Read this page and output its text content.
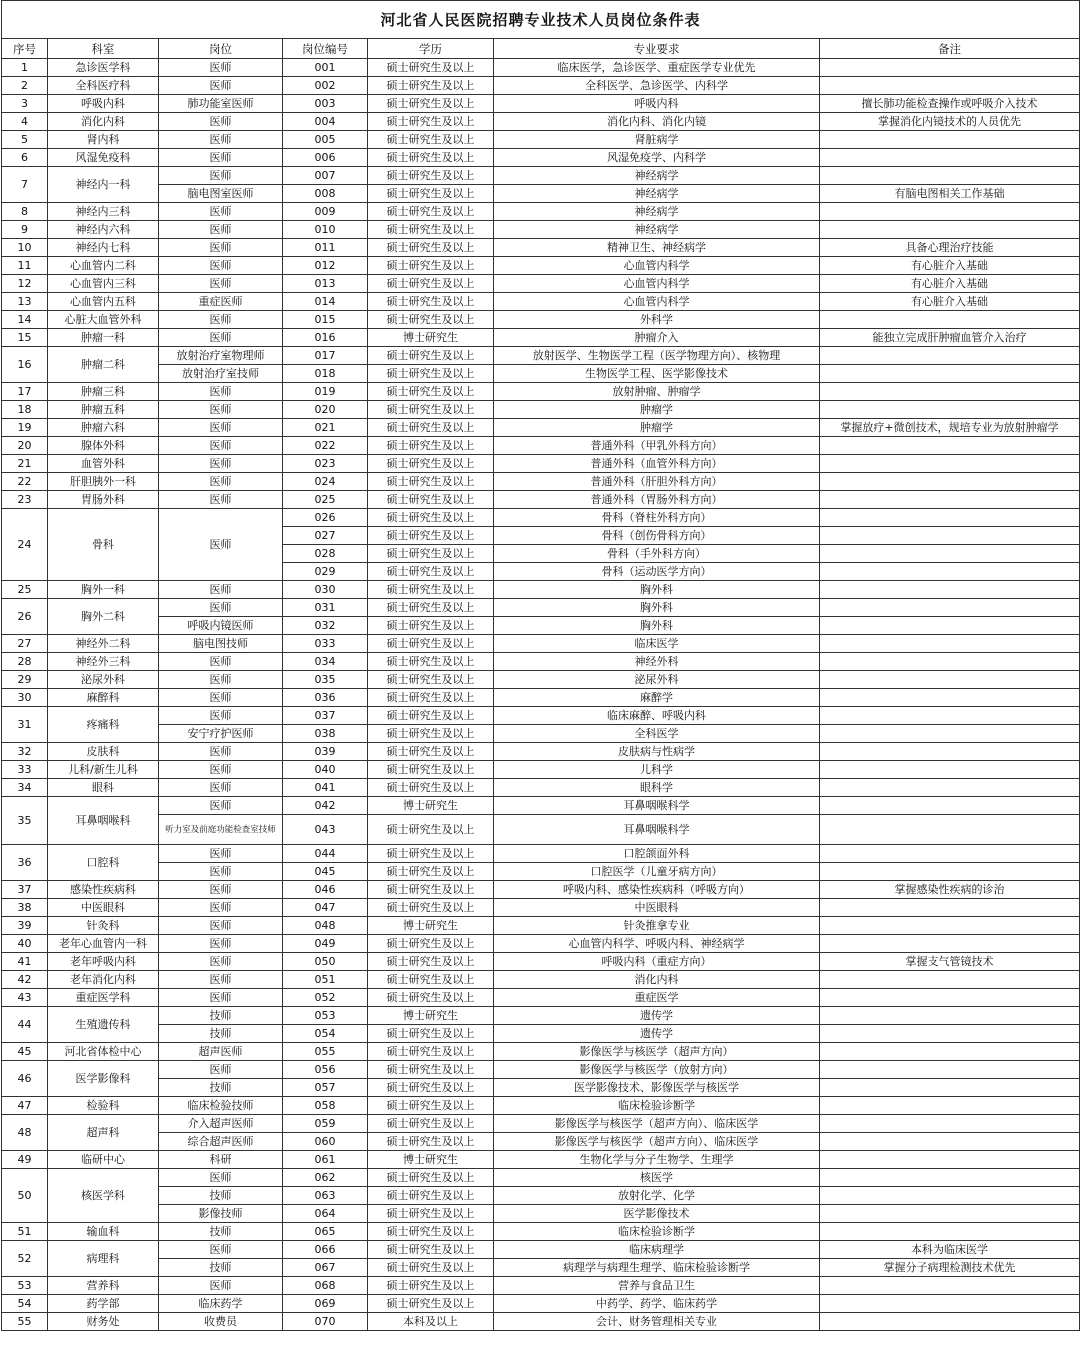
河北省人民医院招聘专业技术人员岗位条件表						
序号	科室	岗位	岗位编号	学历	专业要求	备注
1	急诊医学科	医师	001	硕士研究生及以上	临床医学，急诊医学、重症医学专业优先	
2	全科医疗科	医师	002	硕士研究生及以上	全科医学、急诊医学、内科学	
3	呼吸内科	肺功能室医师	003	硕士研究生及以上	呼吸内科	擅长肺功能检查操作或呼吸介入技术
4	消化内科	医师	004	硕士研究生及以上	消化内科、消化内镜	掌握消化内镜技术的人员优先
5	肾内科	医师	005	硕士研究生及以上	肾脏病学	
6	风湿免疫科	医师	006	硕士研究生及以上	风湿免疫学、内科学	
7	神经内一科	医师	007	硕士研究生及以上	神经病学	
		脑电图室医师	008	硕士研究生及以上	神经病学	有脑电图相关工作基础
8	神经内三科	医师	009	硕士研究生及以上	神经病学	
9	神经内六科	医师	010	硕士研究生及以上	神经病学	
10	神经内七科	医师	011	硕士研究生及以上	精神卫生、神经病学	具备心理治疗技能
11	心血管内二科	医师	012	硕士研究生及以上	心血管内科学	有心脏介入基础
12	心血管内三科	医师	013	硕士研究生及以上	心血管内科学	有心脏介入基础
13	心血管内五科	重症医师	014	硕士研究生及以上	心血管内科学	有心脏介入基础
14	心脏大血管外科	医师	015	硕士研究生及以上	外科学	
15	肿瘤一科	医师	016	博士研究生	肿瘤介入	能独立完成肝肿瘤血管介入治疗
16	肿瘤二科	放射治疗室物理师	017	硕士研究生及以上	放射医学、生物医学工程（医学物理方向）、核物理	
		放射治疗室技师	018	硕士研究生及以上	生物医学工程、医学影像技术	
17	肿瘤三科	医师	019	硕士研究生及以上	放射肿瘤、肿瘤学	
18	肿瘤五科	医师	020	硕士研究生及以上	肿瘤学	
19	肿瘤六科	医师	021	硕士研究生及以上	肿瘤学	掌握放疗+微创技术，规培专业为放射肿瘤学
20	腺体外科	医师	022	硕士研究生及以上	普通外科（甲乳外科方向）	
21	血管外科	医师	023	硕士研究生及以上	普通外科（血管外科方向）	
22	肝胆胰外一科	医师	024	硕士研究生及以上	普通外科（肝胆外科方向）	
23	胃肠外科	医师	025	硕士研究生及以上	普通外科（胃肠外科方向）	
24	骨科	医师	026	硕士研究生及以上	骨科（脊柱外科方向）	
			027	硕士研究生及以上	骨科（创伤骨科方向）	
			028	硕士研究生及以上	骨科（手外科方向）	
			029	硕士研究生及以上	骨科（运动医学方向）	
25	胸外一科	医师	030	硕士研究生及以上	胸外科	
26	胸外二科	医师	031	硕士研究生及以上	胸外科	
		呼吸内镜医师	032	硕士研究生及以上	胸外科	
27	神经外二科	脑电图技师	033	硕士研究生及以上	临床医学	
28	神经外三科	医师	034	硕士研究生及以上	神经外科	
29	泌尿外科	医师	035	硕士研究生及以上	泌尿外科	
30	麻醉科	医师	036	硕士研究生及以上	麻醉学	
31	疼痛科	医师	037	硕士研究生及以上	临床麻醉、呼吸内科	
		安宁疗护医师	038	硕士研究生及以上	全科医学	
32	皮肤科	医师	039	硕士研究生及以上	皮肤病与性病学	
33	儿科/新生儿科	医师	040	硕士研究生及以上	儿科学	
34	眼科	医师	041	硕士研究生及以上	眼科学	
35	耳鼻咽喉科	医师	042	博士研究生	耳鼻咽喉科学	
		听力室及前庭功能检查室技师	043	硕士研究生及以上	耳鼻咽喉科学	
36	口腔科	医师	044	硕士研究生及以上	口腔颌面外科	
		医师	045	硕士研究生及以上	口腔医学（儿童牙病方向）	
37	感染性疾病科	医师	046	硕士研究生及以上	呼吸内科、感染性疾病科（呼吸方向）	掌握感染性疾病的诊治
38	中医眼科	医师	047	硕士研究生及以上	中医眼科	
39	针灸科	医师	048	博士研究生	针灸推拿专业	
40	老年心血管内一科	医师	049	硕士研究生及以上	心血管内科学、呼吸内科、神经病学	
41	老年呼吸内科	医师	050	硕士研究生及以上	呼吸内科（重症方向）	掌握支气管镜技术
42	老年消化内科	医师	051	硕士研究生及以上	消化内科	
43	重症医学科	医师	052	硕士研究生及以上	重症医学	
44	生殖遗传科	技师	053	博士研究生	遗传学	
		技师	054	硕士研究生及以上	遗传学	
45	河北省体检中心	超声医师	055	硕士研究生及以上	影像医学与核医学（超声方向）	
46	医学影像科	医师	056	硕士研究生及以上	影像医学与核医学（放射方向）	
		技师	057	硕士研究生及以上	医学影像技术、影像医学与核医学	
47	检验科	临床检验技师	058	硕士研究生及以上	临床检验诊断学	
48	超声科	介入超声医师	059	硕士研究生及以上	影像医学与核医学（超声方向）、临床医学	
		综合超声医师	060	硕士研究生及以上	影像医学与核医学（超声方向）、临床医学	
49	临研中心	科研	061	博士研究生	生物化学与分子生物学、生理学	
50	核医学科	医师	062	硕士研究生及以上	核医学	
		技师	063	硕士研究生及以上	放射化学、化学	
		影像技师	064	硕士研究生及以上	医学影像技术	
51	输血科	技师	065	硕士研究生及以上	临床检验诊断学	
52	病理科	医师	066	硕士研究生及以上	临床病理学	本科为临床医学
		技师	067	硕士研究生及以上	病理学与病理生理学、临床检验诊断学	掌握分子病理检测技术优先
53	营养科	医师	068	硕士研究生及以上	营养与食品卫生	
54	药学部	临床药学	069	硕士研究生及以上	中药学、药学、临床药学	
55	财务处	收费员	070	本科及以上	会计、财务管理相关专业	
